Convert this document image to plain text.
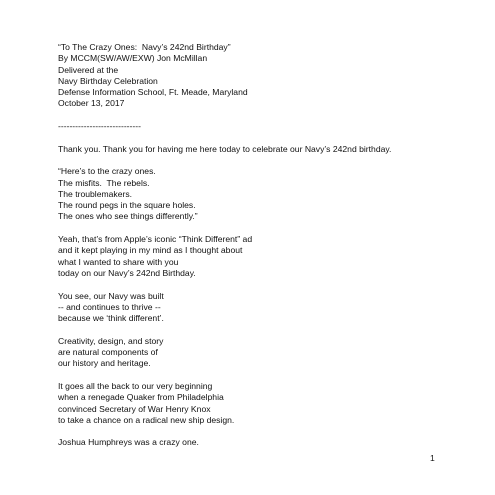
“To The Crazy Ones:  Navy’s 242nd Birthday”
By MCCM(SW/AW/EXW) Jon McMillan
Delivered at the
Navy Birthday Celebration
Defense Information School, Ft. Meade, Maryland
October 13, 2017
-----------------------------
Thank you. Thank you for having me here today to celebrate our Navy’s 242nd birthday.
“Here’s to the crazy ones.
The misfits.  The rebels.
The troublemakers.
The round pegs in the square holes.
The ones who see things differently.”
Yeah, that’s from Apple’s iconic “Think Different” ad
and it kept playing in my mind as I thought about
what I wanted to share with you
today on our Navy’s 242nd Birthday.
You see, our Navy was built
-- and continues to thrive --
because we ‘think different’.
Creativity, design, and story
are natural components of
our history and heritage.
It goes all the back to our very beginning
when a renegade Quaker from Philadelphia
convinced Secretary of War Henry Knox
to take a chance on a radical new ship design.
Joshua Humphreys was a crazy one.
1
